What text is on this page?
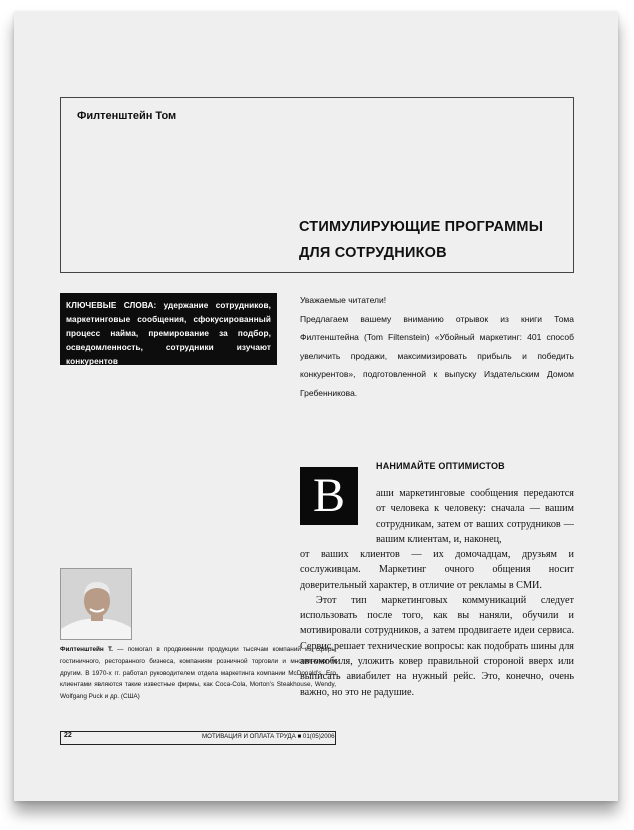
Филтенштейн Том
СТИМУЛИРУЮЩИЕ ПРОГРАММЫ
ДЛЯ СОТРУДНИКОВ
КЛЮЧЕВЫЕ СЛОВА: удержание сотрудников, маркетинговые сообщения, сфокусированный процесс найма, премирование за подбор, осведомленность, сотрудники изучают конкурентов

Уважаемые читатели!

Предлагаем вашему вниманию отрывок из книги Тома Филтенштейна (Tom Filtenstein) «Убойный маркетинг: 401 способ увеличить продажи, максимизировать прибыль и победить конкурентов», подготовленной к выпуску Издательским Домом Гребенникова.

В
НАНИМАЙТЕ ОПТИМИСТОВ
аши маркетинговые сообщения передаются от человека к человеку: сначала — вашим сотрудникам, затем от ваших сотрудников — вашим клиентам, и, наконец,
от ваших клиентов — их домочадцам, друзьям и сослуживцам. Маркетинг очного общения носит доверительный характер, в отличие от рекламы в СМИ.
Этот тип маркетинговых коммуникаций следует использовать после того, как вы наняли, обучили и мотивировали сотрудников, а затем продвигаете идеи сервиса. Сервис решает технические вопросы: как подобрать шины для автомобиля, уложить ковер правильной стороной вверх или выписать авиабилет на нужный рейс. Это, конечно, очень важно, но это не радушие.
Филтенштейн Т. — помогал в продвижении продукции тысячам компаний из сферы гостиничного, ресторанного бизнеса, компаниям розничной торговли и многим-многим другим. В 1970-х гг. работал руководителем отдела маркетинга компании McDonald’s. Его клиентами являются такие известные фирмы, как Coca-Cola, Morton’s Steakhouse, Wendy, Wolfgang Puck и др. (США)
22	МОТИВАЦИЯ И ОПЛАТА ТРУДА ■ 01(05)2006
